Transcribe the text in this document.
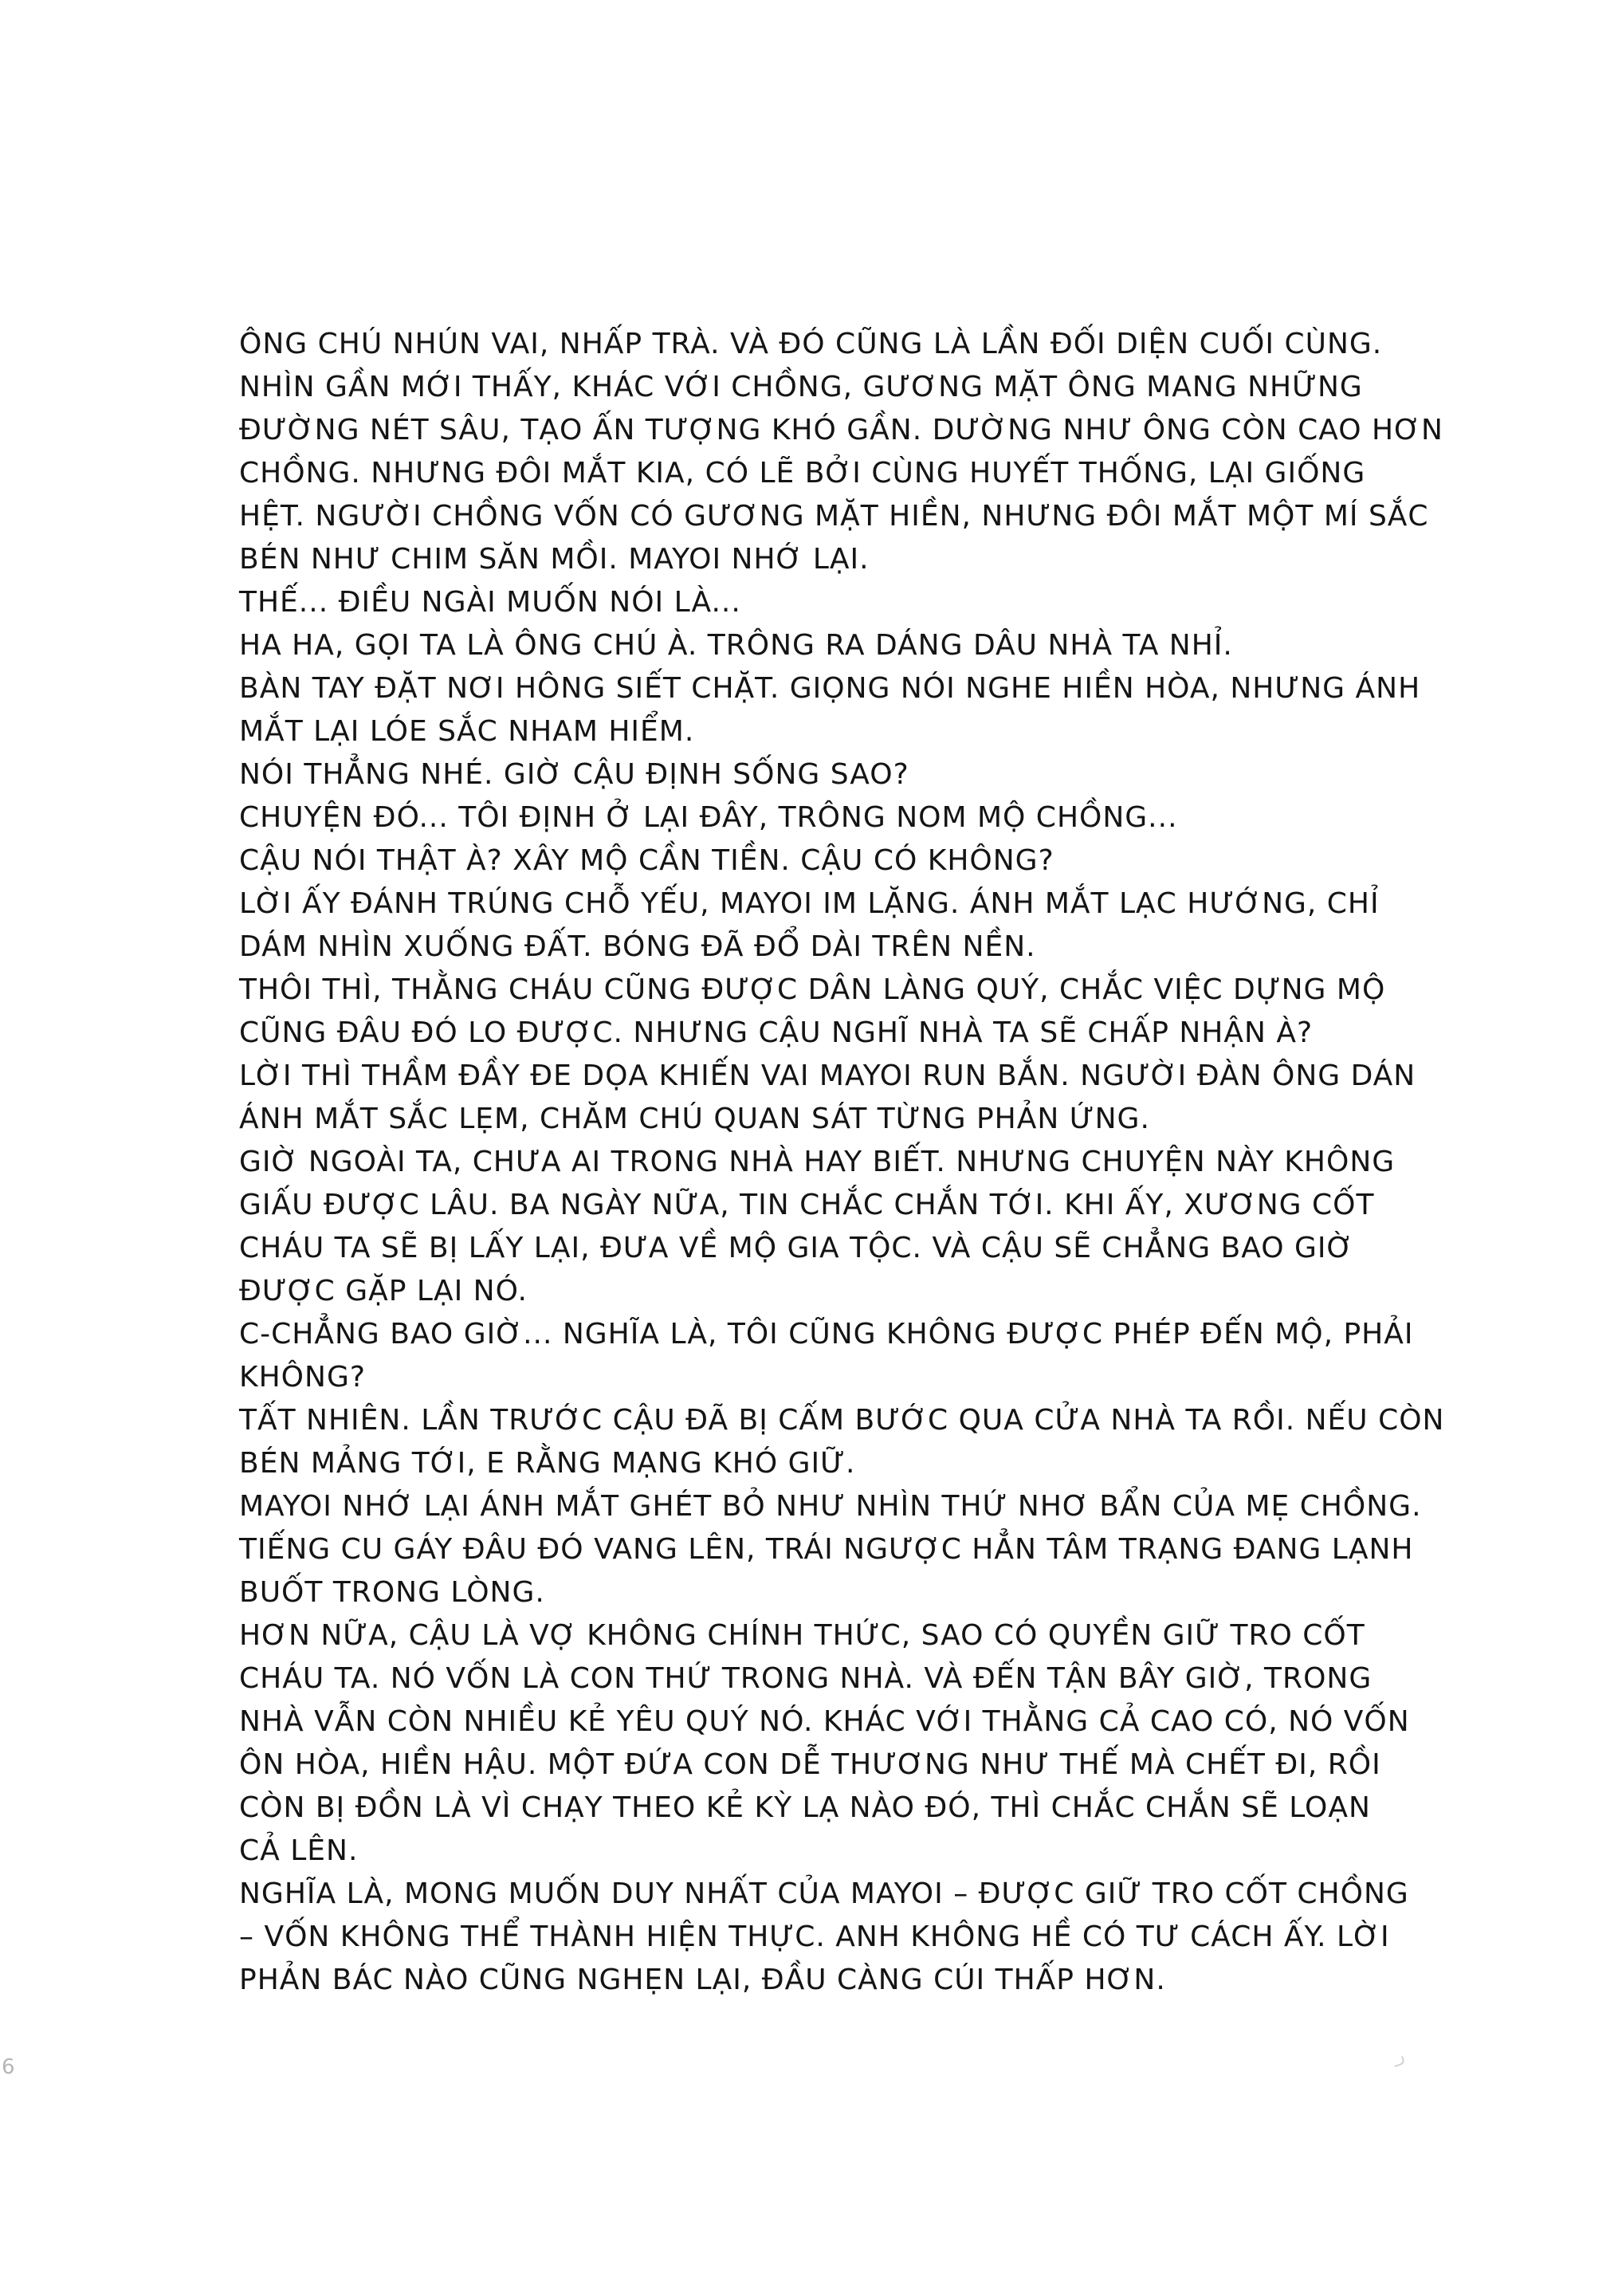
ÔNG CHÚ NHÚN VAI, NHẤP TRÀ. VÀ ĐÓ CŨNG LÀ LẦN ĐỐI DIỆN CUỐI CÙNG.
NHÌN GẦN MỚI THẤY, KHÁC VỚI CHỒNG, GƯƠNG MẶT ÔNG MANG NHỮNG
ĐƯỜNG NÉT SÂU, TẠO ẤN TƯỢNG KHÓ GẦN. DƯỜNG NHƯ ÔNG CÒN CAO HƠN
CHỒNG. NHƯNG ĐÔI MẮT KIA, CÓ LẼ BỞI CÙNG HUYẾT THỐNG, LẠI GIỐNG
HỆT. NGƯỜI CHỒNG VỐN CÓ GƯƠNG MẶT HIỀN, NHƯNG ĐÔI MẮT MỘT MÍ SẮC
BÉN NHƯ CHIM SĂN MỒI. MAYOI NHỚ LẠI.
THẾ... ĐIỀU NGÀI MUỐN NÓI LÀ...
HA HA, GỌI TA LÀ ÔNG CHÚ À. TRÔNG RA DÁNG DÂU NHÀ TA NHỈ.
BÀN TAY ĐẶT NƠI HÔNG SIẾT CHẶT. GIỌNG NÓI NGHE HIỀN HÒA, NHƯNG ÁNH
MẮT LẠI LÓE SẮC NHAM HIỂM.
NÓI THẲNG NHÉ. GIỜ CẬU ĐỊNH SỐNG SAO?
CHUYỆN ĐÓ... TÔI ĐỊNH Ở LẠI ĐÂY, TRÔNG NOM MỘ CHỒNG...
CẬU NÓI THẬT À? XÂY MỘ CẦN TIỀN. CẬU CÓ KHÔNG?
LỜI ẤY ĐÁNH TRÚNG CHỖ YẾU, MAYOI IM LẶNG. ÁNH MẮT LẠC HƯỚNG, CHỈ
DÁM NHÌN XUỐNG ĐẤT. BÓNG ĐÃ ĐỔ DÀI TRÊN NỀN.
THÔI THÌ, THẰNG CHÁU CŨNG ĐƯỢC DÂN LÀNG QUÝ, CHẮC VIỆC DỰNG MỘ
CŨNG ĐÂU ĐÓ LO ĐƯỢC. NHƯNG CẬU NGHĨ NHÀ TA SẼ CHẤP NHẬN À?
LỜI THÌ THẦM ĐẦY ĐE DỌA KHIẾN VAI MAYOI RUN BẮN. NGƯỜI ĐÀN ÔNG DÁN
ÁNH MẮT SẮC LẸM, CHĂM CHÚ QUAN SÁT TỪNG PHẢN ỨNG.
GIỜ NGOÀI TA, CHƯA AI TRONG NHÀ HAY BIẾT. NHƯNG CHUYỆN NÀY KHÔNG
GIẤU ĐƯỢC LÂU. BA NGÀY NỮA, TIN CHẮC CHẮN TỚI. KHI ẤY, XƯƠNG CỐT
CHÁU TA SẼ BỊ LẤY LẠI, ĐƯA VỀ MỘ GIA TỘC. VÀ CẬU SẼ CHẲNG BAO GIỜ
ĐƯỢC GẶP LẠI NÓ.
C-CHẲNG BAO GIỜ... NGHĨA LÀ, TÔI CŨNG KHÔNG ĐƯỢC PHÉP ĐẾN MỘ, PHẢI
KHÔNG?
TẤT NHIÊN. LẦN TRƯỚC CẬU ĐÃ BỊ CẤM BƯỚC QUA CỬA NHÀ TA RỒI. NẾU CÒN
BÉN MẢNG TỚI, E RẰNG MẠNG KHÓ GIỮ.
MAYOI NHỚ LẠI ÁNH MẮT GHÉT BỎ NHƯ NHÌN THỨ NHƠ BẨN CỦA MẸ CHỒNG.
TIẾNG CU GÁY ĐÂU ĐÓ VANG LÊN, TRÁI NGƯỢC HẲN TÂM TRẠNG ĐANG LẠNH
BUỐT TRONG LÒNG.
HƠN NỮA, CẬU LÀ VỢ KHÔNG CHÍNH THỨC, SAO CÓ QUYỀN GIỮ TRO CỐT
CHÁU TA. NÓ VỐN LÀ CON THỨ TRONG NHÀ. VÀ ĐẾN TẬN BÂY GIỜ, TRONG
NHÀ VẪN CÒN NHIỀU KẺ YÊU QUÝ NÓ. KHÁC VỚI THẰNG CẢ CAO CÓ, NÓ VỐN
ÔN HÒA, HIỀN HẬU. MỘT ĐỨA CON DỄ THƯƠNG NHƯ THẾ MÀ CHẾT ĐI, RỒI
CÒN BỊ ĐỒN LÀ VÌ CHẠY THEO KẺ KỲ LẠ NÀO ĐÓ, THÌ CHẮC CHẮN SẼ LOẠN
CẢ LÊN.
NGHĨA LÀ, MONG MUỐN DUY NHẤT CỦA MAYOI – ĐƯỢC GIỮ TRO CỐT CHỒNG
– VỐN KHÔNG THỂ THÀNH HIỆN THỰC. ANH KHÔNG HỀ CÓ TƯ CÁCH ẤY. LỜI
PHẢN BÁC NÀO CŨNG NGHẸN LẠI, ĐẦU CÀNG CÚI THẤP HƠN.
6
